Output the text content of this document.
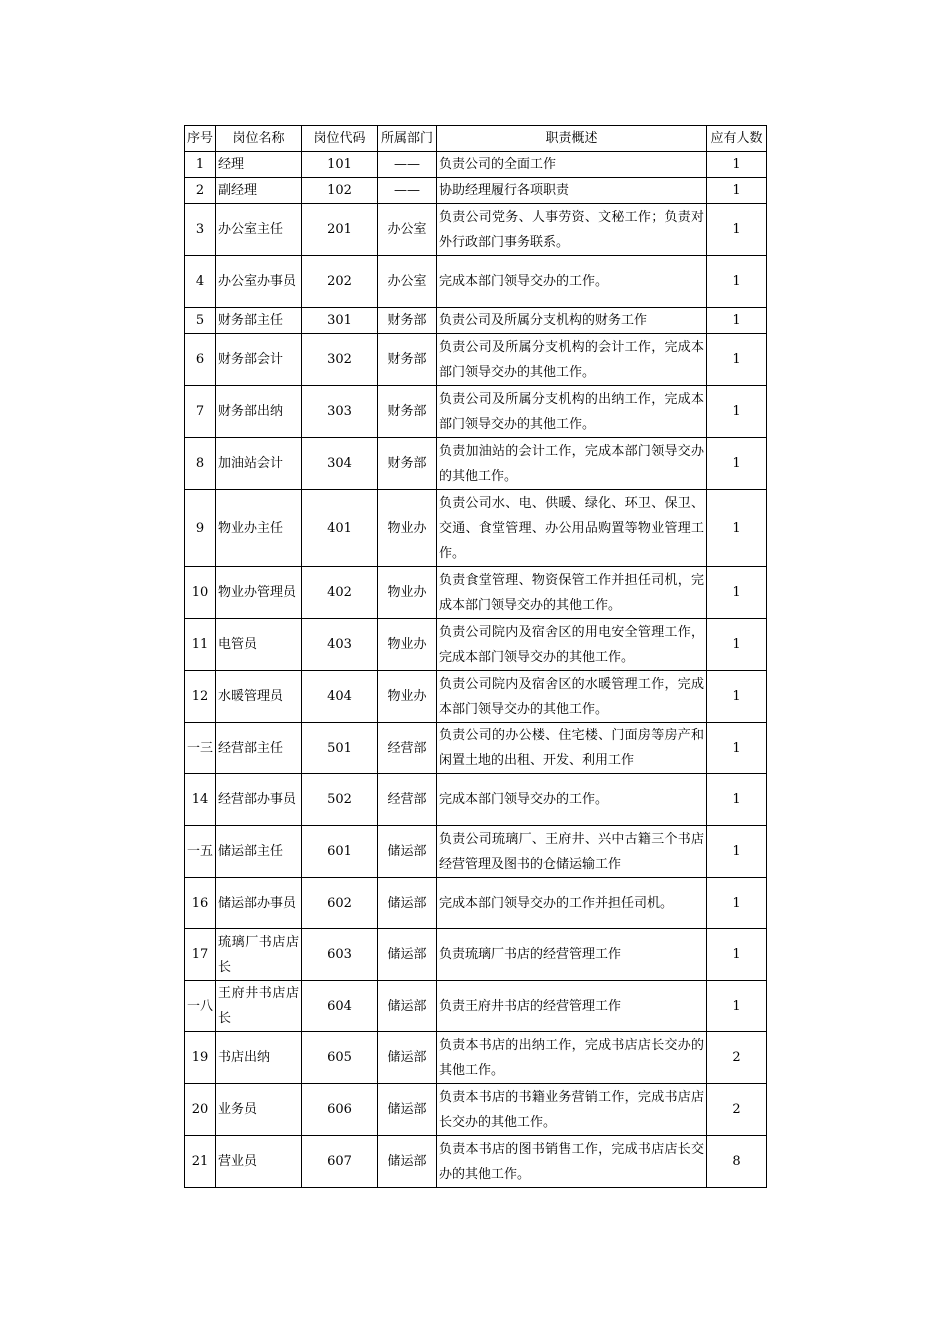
序号	岗位名称	岗位代码	所属部门	职责概述	应有人数
1	经理	101	——	负责公司的全面工作	1
2	副经理	102	——	协助经理履行各项职责	1
3	办公室主任	201	办公室	负责公司党务、人事劳资、文秘工作；负责对外行政部门事务联系。	1
4	办公室办事员	202	办公室	完成本部门领导交办的工作。	1
5	财务部主任	301	财务部	负责公司及所属分支机构的财务工作	1
6	财务部会计	302	财务部	负责公司及所属分支机构的会计工作，完成本部门领导交办的其他工作。	1
7	财务部出纳	303	财务部	负责公司及所属分支机构的出纳工作，完成本部门领导交办的其他工作。	1
8	加油站会计	304	财务部	负责加油站的会计工作，完成本部门领导交办的其他工作。	1
9	物业办主任	401	物业办	负责公司水、电、供暖、绿化、环卫、保卫、交通、食堂管理、办公用品购置等物业管理工作。	1
10	物业办管理员	402	物业办	负责食堂管理、物资保管工作并担任司机，完成本部门领导交办的其他工作。	1
11	电管员	403	物业办	负责公司院内及宿舍区的用电安全管理工作，完成本部门领导交办的其他工作。	1
12	水暖管理员	404	物业办	负责公司院内及宿舍区的水暖管理工作，完成本部门领导交办的其他工作。	1
一三	经营部主任	501	经营部	负责公司的办公楼、住宅楼、门面房等房产和闲置土地的出租、开发、利用工作	1
14	经营部办事员	502	经营部	完成本部门领导交办的工作。	1
一五	储运部主任	601	储运部	负责公司琉璃厂、王府井、兴中古籍三个书店经营管理及图书的仓储运输工作	1
16	储运部办事员	602	储运部	完成本部门领导交办的工作并担任司机。	1
17	琉璃厂书店店长	603	储运部	负责琉璃厂书店的经营管理工作	1
一八	王府井书店店长	604	储运部	负责王府井书店的经营管理工作	1
19	书店出纳	605	储运部	负责本书店的出纳工作，完成书店店长交办的其他工作。	2
20	业务员	606	储运部	负责本书店的书籍业务营销工作，完成书店店长交办的其他工作。	2
21	营业员	607	储运部	负责本书店的图书销售工作，完成书店店长交办的其他工作。	8
